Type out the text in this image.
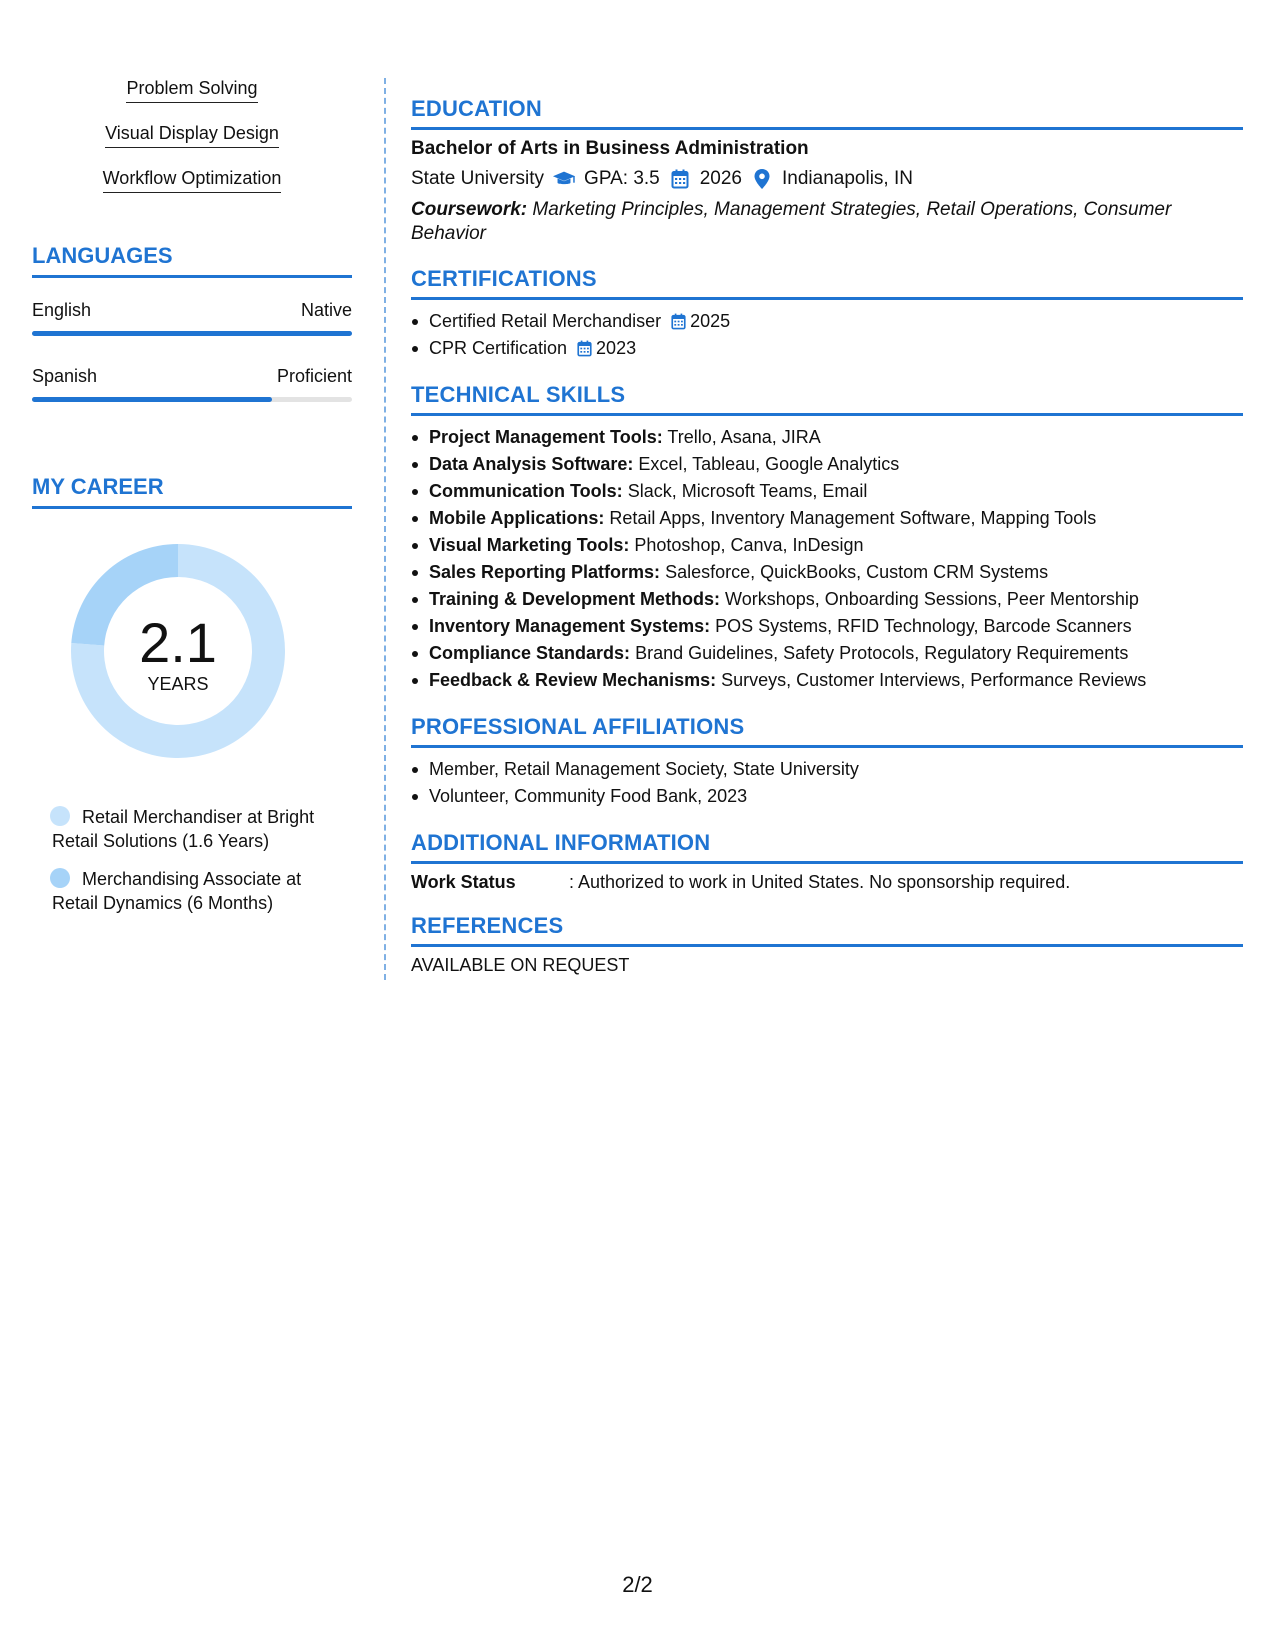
Problem Solving
Visual Display Design
Workflow Optimization
LANGUAGES
English	Native
Spanish	Proficient
MY CAREER
2.1
YEARS
Retail Merchandiser at Bright Retail Solutions (1.6 Years)
Merchandising Associate at Retail Dynamics (6 Months)
EDUCATION
Bachelor of Arts in Business Administration
State University GPA: 3.5 2026 Indianapolis, IN
Coursework: Marketing Principles, Management Strategies, Retail Operations, Consumer Behavior
CERTIFICATIONS
Certified Retail Merchandiser 2025
CPR Certification 2023
TECHNICAL SKILLS
Project Management Tools: Trello, Asana, JIRA
Data Analysis Software: Excel, Tableau, Google Analytics
Communication Tools: Slack, Microsoft Teams, Email
Mobile Applications: Retail Apps, Inventory Management Software, Mapping Tools
Visual Marketing Tools: Photoshop, Canva, InDesign
Sales Reporting Platforms: Salesforce, QuickBooks, Custom CRM Systems
Training & Development Methods: Workshops, Onboarding Sessions, Peer Mentorship
Inventory Management Systems: POS Systems, RFID Technology, Barcode Scanners
Compliance Standards: Brand Guidelines, Safety Protocols, Regulatory Requirements
Feedback & Review Mechanisms: Surveys, Customer Interviews, Performance Reviews
PROFESSIONAL AFFILIATIONS
Member, Retail Management Society, State University
Volunteer, Community Food Bank, 2023
ADDITIONAL INFORMATION
Work Status	: Authorized to work in United States. No sponsorship required.
REFERENCES
AVAILABLE ON REQUEST
2/2
